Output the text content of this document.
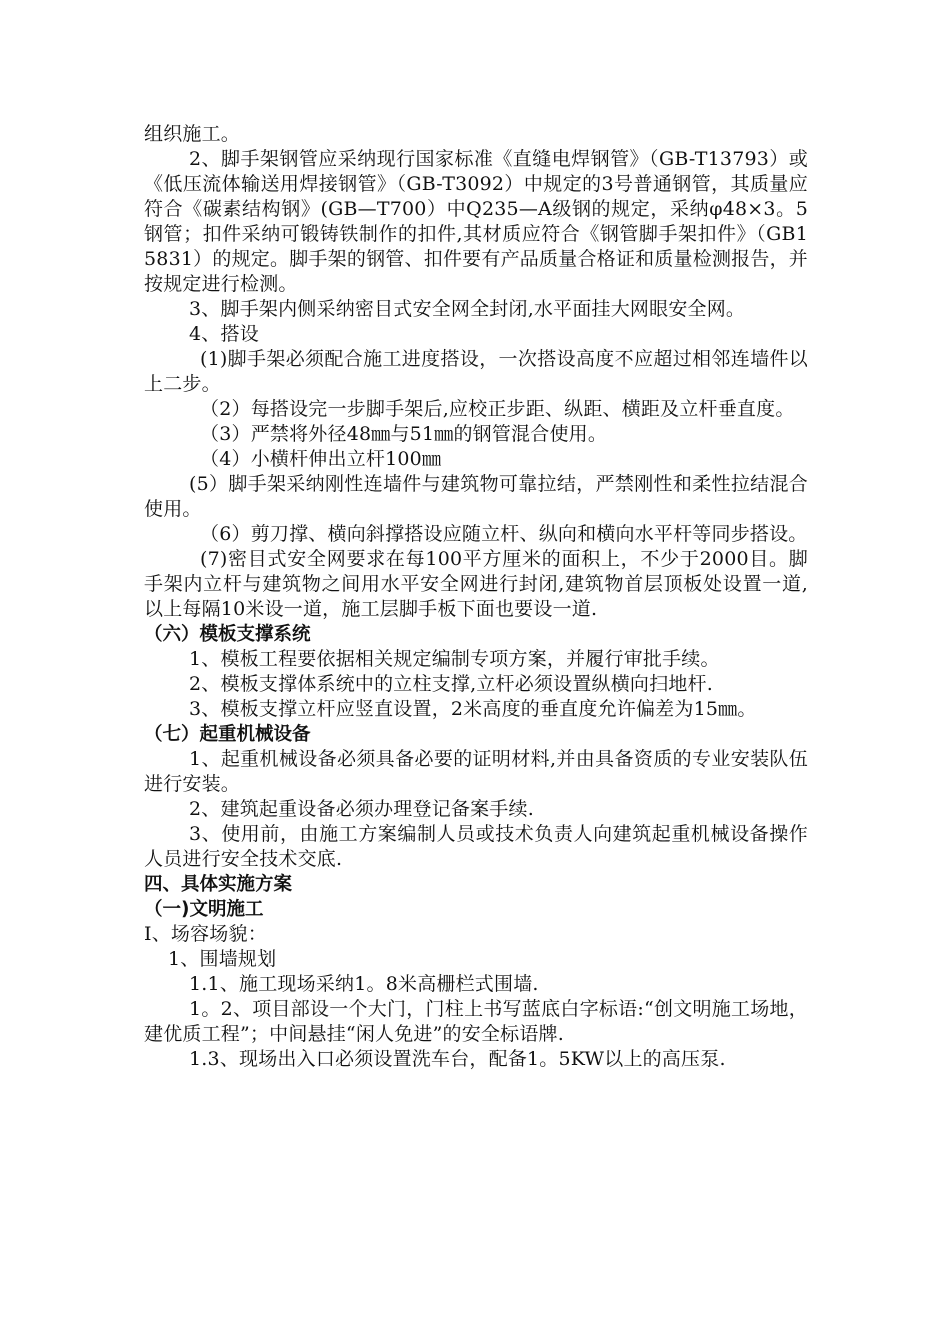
组织施工。

2、脚手架钢管应采纳现行国家标准《直缝电焊钢管》（GB-T13793）或《低压流体输送用焊接钢管》（GB-T3092）中规定的3号普通钢管，其质量应符合《碳素结构钢》(GB—T700）中Q235—A级钢的规定，采纳φ48×3。5钢管；扣件采纳可锻铸铁制作的扣件,其材质应符合《钢管脚手架扣件》（GB15831）的规定。脚手架的钢管、扣件要有产品质量合格证和质量检测报告，并按规定进行检测。

3、脚手架内侧采纳密目式安全网全封闭,水平面挂大网眼安全网。

4、搭设

(1)脚手架必须配合施工进度搭设，一次搭设高度不应超过相邻连墙件以上二步。

（2）每搭设完一步脚手架后,应校正步距、纵距、横距及立杆垂直度。

（3）严禁将外径48㎜与51㎜的钢管混合使用。

（4）小横杆伸出立杆100㎜

(5）脚手架采纳刚性连墙件与建筑物可靠拉结，严禁刚性和柔性拉结混合使用。

（6）剪刀撑、横向斜撑搭设应随立杆、纵向和横向水平杆等同步搭设。

(7)密目式安全网要求在每100平方厘米的面积上，不少于2000目。脚手架内立杆与建筑物之间用水平安全网进行封闭,建筑物首层顶板处设置一道,以上每隔10米设一道，施工层脚手板下面也要设一道.

（六）模板支撑系统

1、模板工程要依据相关规定编制专项方案，并履行审批手续。

2、模板支撑体系统中的立柱支撑,立杆必须设置纵横向扫地杆.

3、模板支撑立杆应竖直设置，2米高度的垂直度允许偏差为15㎜。

（七）起重机械设备

1、起重机械设备必须具备必要的证明材料,并由具备资质的专业安装队伍进行安装。

2、建筑起重设备必须办理登记备案手续.

3、使用前，由施工方案编制人员或技术负责人向建筑起重机械设备操作人员进行安全技术交底.

四、具体实施方案

（一)文明施工

I、场容场貌：

1、围墙规划

1.1、施工现场采纳1。8米高栅栏式围墙.

1。2、项目部设一个大门，门柱上书写蓝底白字标语:“创文明施工场地，建优质工程”；中间悬挂“闲人免进”的安全标语牌.

1.3、现场出入口必须设置洗车台，配备1。5KW以上的高压泵.
